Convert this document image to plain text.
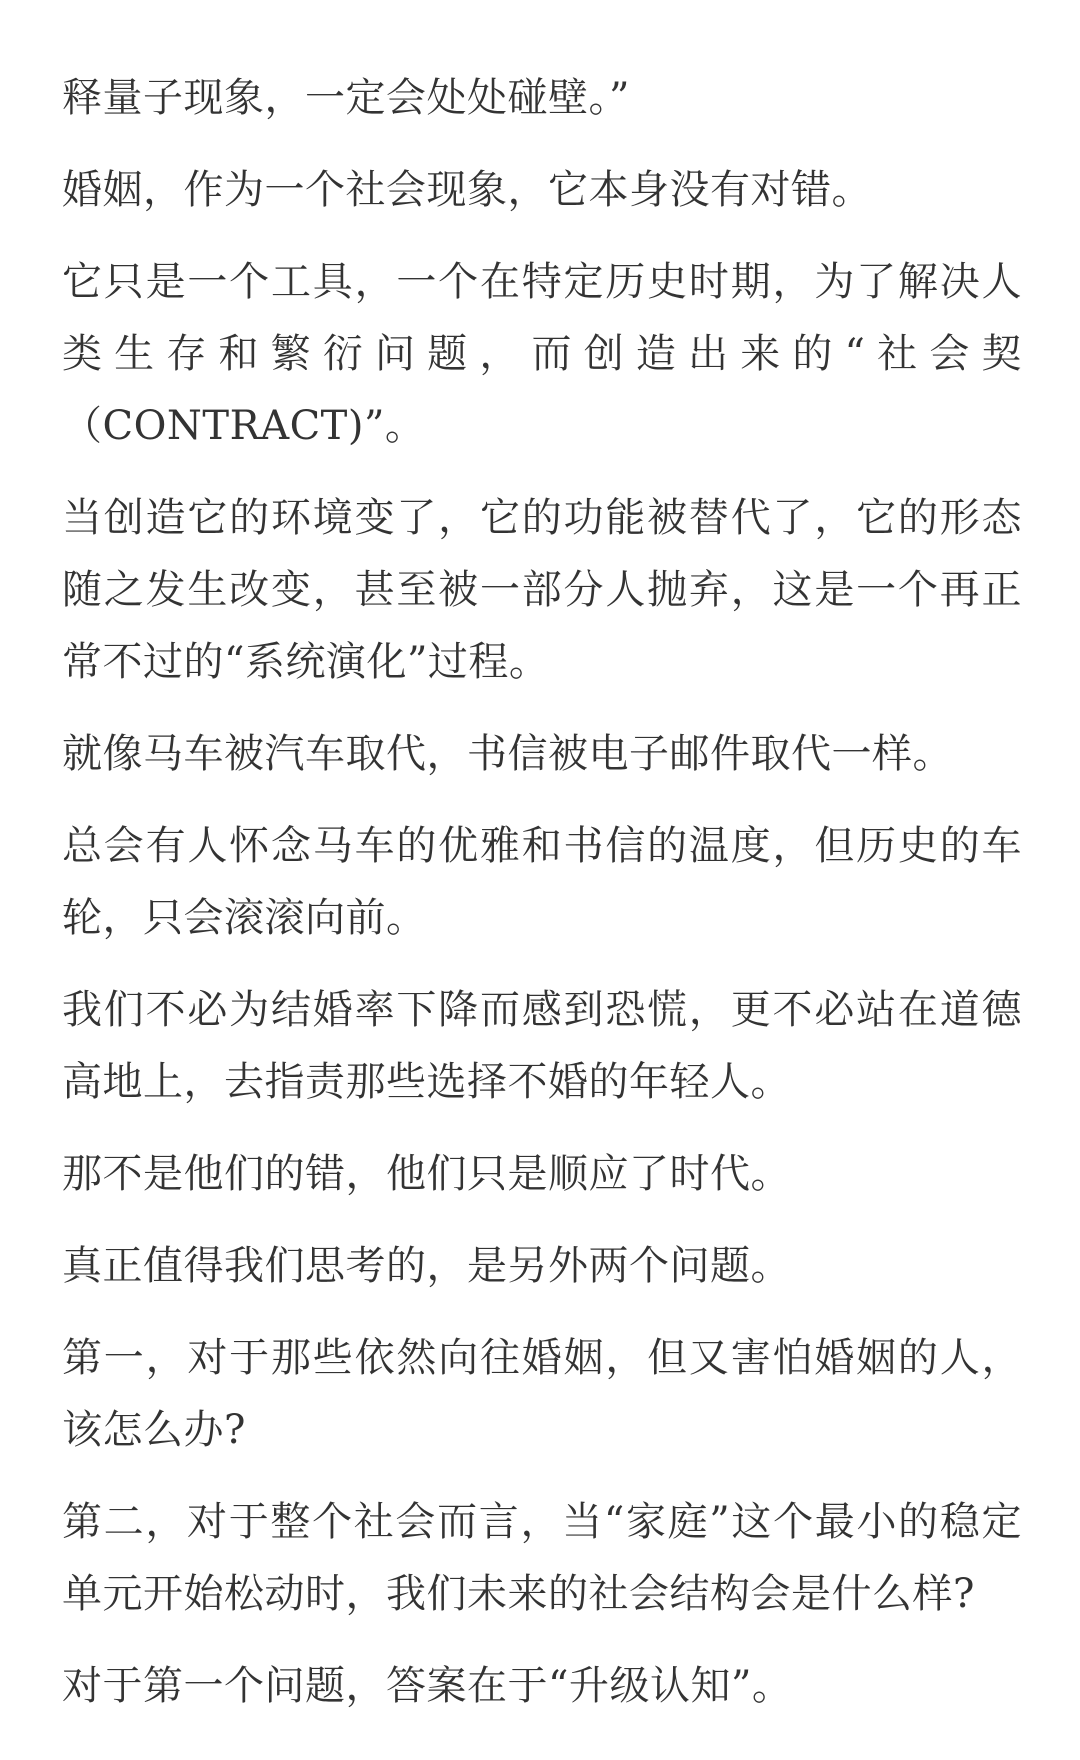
释量子现象，一定会处处碰壁。”

婚姻，作为一个社会现象，它本身没有对错。

它只是一个工具，一个在特定历史时期，为了解决人类生存和繁衍问题，而创造出来的“社会契（CONTRACT)”。

当创造它的环境变了，它的功能被替代了，它的形态随之发生改变，甚至被一部分人抛弃，这是一个再正常不过的“系统演化”过程。

就像马车被汽车取代，书信被电子邮件取代一样。

总会有人怀念马车的优雅和书信的温度，但历史的车轮，只会滚滚向前。

我们不必为结婚率下降而感到恐慌，更不必站在道德高地上，去指责那些选择不婚的年轻人。

那不是他们的错，他们只是顺应了时代。

真正值得我们思考的，是另外两个问题。

第一，对于那些依然向往婚姻，但又害怕婚姻的人，该怎么办?

第二，对于整个社会而言，当“家庭”这个最小的稳定单元开始松动时，我们未来的社会结构会是什么样?

对于第一个问题，答案在于“升级认知”。
